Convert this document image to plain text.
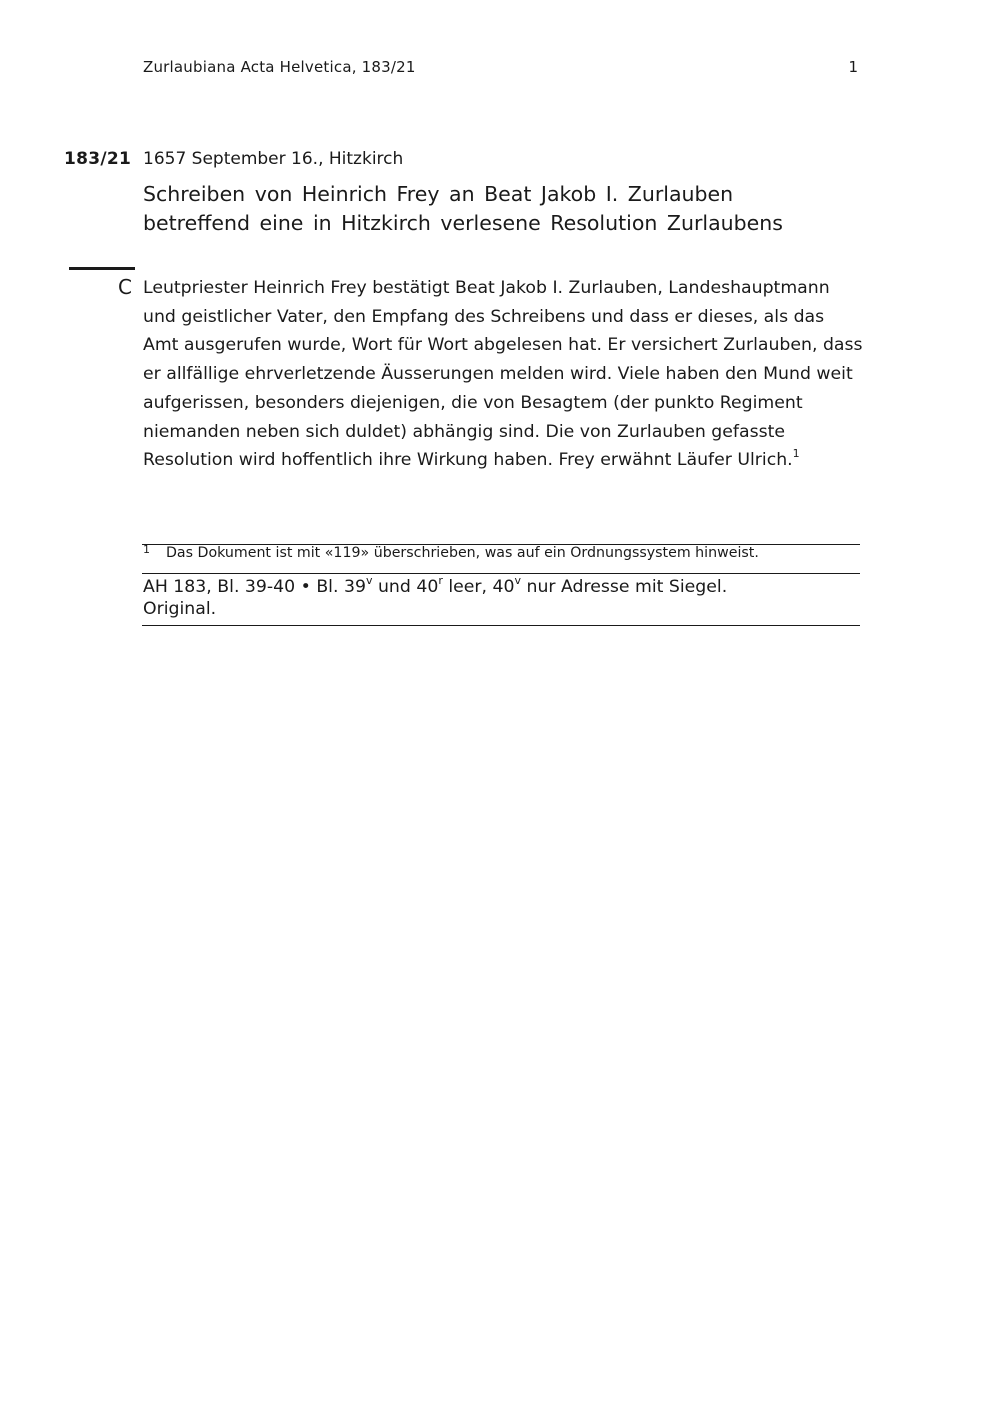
Zurlaubiana Acta Helvetica, 183/21	1
183/21 1657 September 16., Hitzkirch
Schreiben von Heinrich Frey an Beat Jakob I. Zurlauben
betreffend eine in Hitzkirch verlesene Resolution Zurlaubens
C Leutpriester Heinrich Frey bestätigt Beat Jakob I. Zurlauben, Landeshauptmann und geistlicher Vater, den Empfang des Schreibens und dass er dieses, als das Amt ausgerufen wurde, Wort für Wort abgelesen hat. Er versichert Zurlauben, dass er allfällige ehrverletzende Äusserungen melden wird. Viele haben den Mund weit aufgerissen, besonders diejenigen, die von Besagtem (der punkto Regiment niemanden neben sich duldet) abhängig sind. Die von Zurlauben gefasste Resolution wird hoffentlich ihre Wirkung haben. Frey erwähnt Läufer Ulrich.$^1$

1 Das Dokument ist mit «119» überschrieben, was auf ein Ordnungssystem hinweist.
AH 183, Bl. 39-40 • Bl. 39$^v$ und 40$^r$ leer, 40$^v$ nur Adresse mit Siegel.
Original.
